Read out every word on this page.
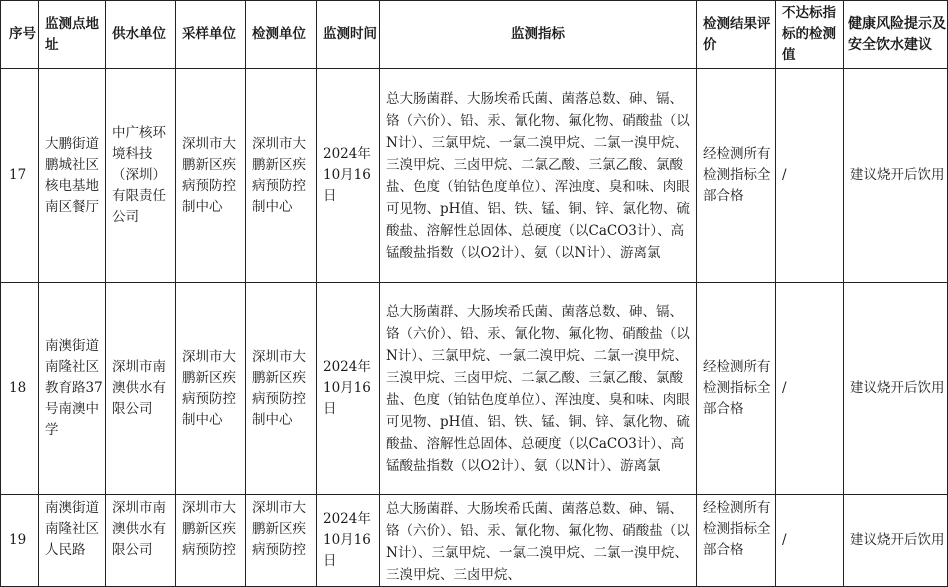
序号	监测点地址	供水单位	采样单位	检测单位	监测时间	监测指标	检测结果评价	不达标指标的检测值	健康风险提示及安全饮水建议
17	大鹏街道鹏城社区核电基地南区餐厅	中广核环境科技（深圳）有限责任公司	深圳市大鹏新区疾病预防控制中心	深圳市大鹏新区疾病预防控制中心	2024年10月16日	总大肠菌群、大肠埃希氏菌、菌落总数、砷、镉、铬（六价）、铅、汞、氰化物、氟化物、硝酸盐（以N计）、三氯甲烷、一氯二溴甲烷、二氯一溴甲烷、三溴甲烷、三卤甲烷、二氯乙酸、三氯乙酸、氯酸盐、色度（铂钴色度单位）、浑浊度、臭和味、肉眼可见物、pH值、铝、铁、锰、铜、锌、氯化物、硫酸盐、溶解性总固体、总硬度（以CaCO3计）、高锰酸盐指数（以O2计）、氨（以N计）、游离氯	经检测所有检测指标全部合格	/	建议烧开后饮用
18	南澳街道南隆社区教育路37号南澳中学	深圳市南澳供水有限公司	深圳市大鹏新区疾病预防控制中心	深圳市大鹏新区疾病预防控制中心	2024年10月16日	总大肠菌群、大肠埃希氏菌、菌落总数、砷、镉、铬（六价）、铅、汞、氰化物、氟化物、硝酸盐（以N计）、三氯甲烷、一氯二溴甲烷、二氯一溴甲烷、三溴甲烷、三卤甲烷、二氯乙酸、三氯乙酸、氯酸盐、色度（铂钴色度单位）、浑浊度、臭和味、肉眼可见物、pH值、铝、铁、锰、铜、锌、氯化物、硫酸盐、溶解性总固体、总硬度（以CaCO3计）、高锰酸盐指数（以O2计）、氨（以N计）、游离氯	经检测所有检测指标全部合格	/	建议烧开后饮用
19	南澳街道南隆社区人民路	深圳市南澳供水有限公司	深圳市大鹏新区疾病预防控	深圳市大鹏新区疾病预防控	2024年10月16日	总大肠菌群、大肠埃希氏菌、菌落总数、砷、镉、铬（六价）、铅、汞、氰化物、氟化物、硝酸盐（以N计）、三氯甲烷、一氯二溴甲烷、二氯一溴甲烷、三溴甲烷、三卤甲烷、	经检测所有检测指标全部合格	/	建议烧开后饮用
